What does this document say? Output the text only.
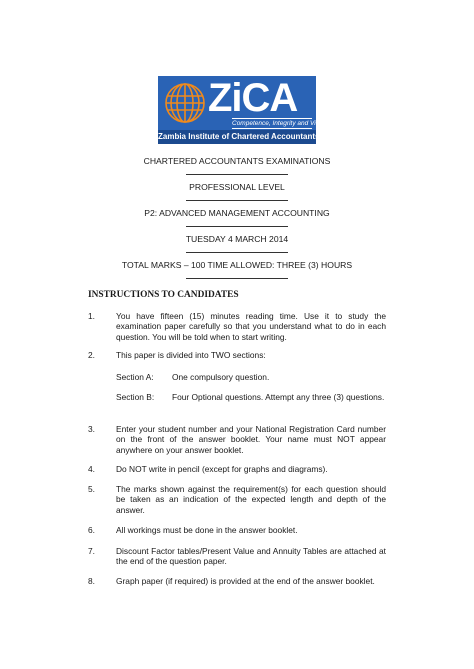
ZiCA
Competence, Integrity and Virtue
Zambia Institute of Chartered Accountants
CHARTERED ACCOUNTANTS EXAMINATIONS
PROFESSIONAL LEVEL
P2: ADVANCED MANAGEMENT ACCOUNTING
TUESDAY 4 MARCH 2014
TOTAL MARKS – 100 TIME ALLOWED: THREE (3) HOURS
INSTRUCTIONS TO CANDIDATES
1.	You have fifteen (15) minutes reading time. Use it to study the examination paper carefully so that you understand what to do in each question. You will be told when to start writing.
2.	This paper is divided into TWO sections:
Section A: One compulsory question.
Section B: Four Optional questions. Attempt any three (3) questions.
3.	Enter your student number and your National Registration Card number on the front of the answer booklet. Your name must NOT appear anywhere on your answer booklet.
4.	Do NOT write in pencil (except for graphs and diagrams).
5.	The marks shown against the requirement(s) for each question should be taken as an indication of the expected length and depth of the answer.
6.	All workings must be done in the answer booklet.
7.	Discount Factor tables/Present Value and Annuity Tables are attached at the end of the question paper.
8.	Graph paper (if required) is provided at the end of the answer booklet.
